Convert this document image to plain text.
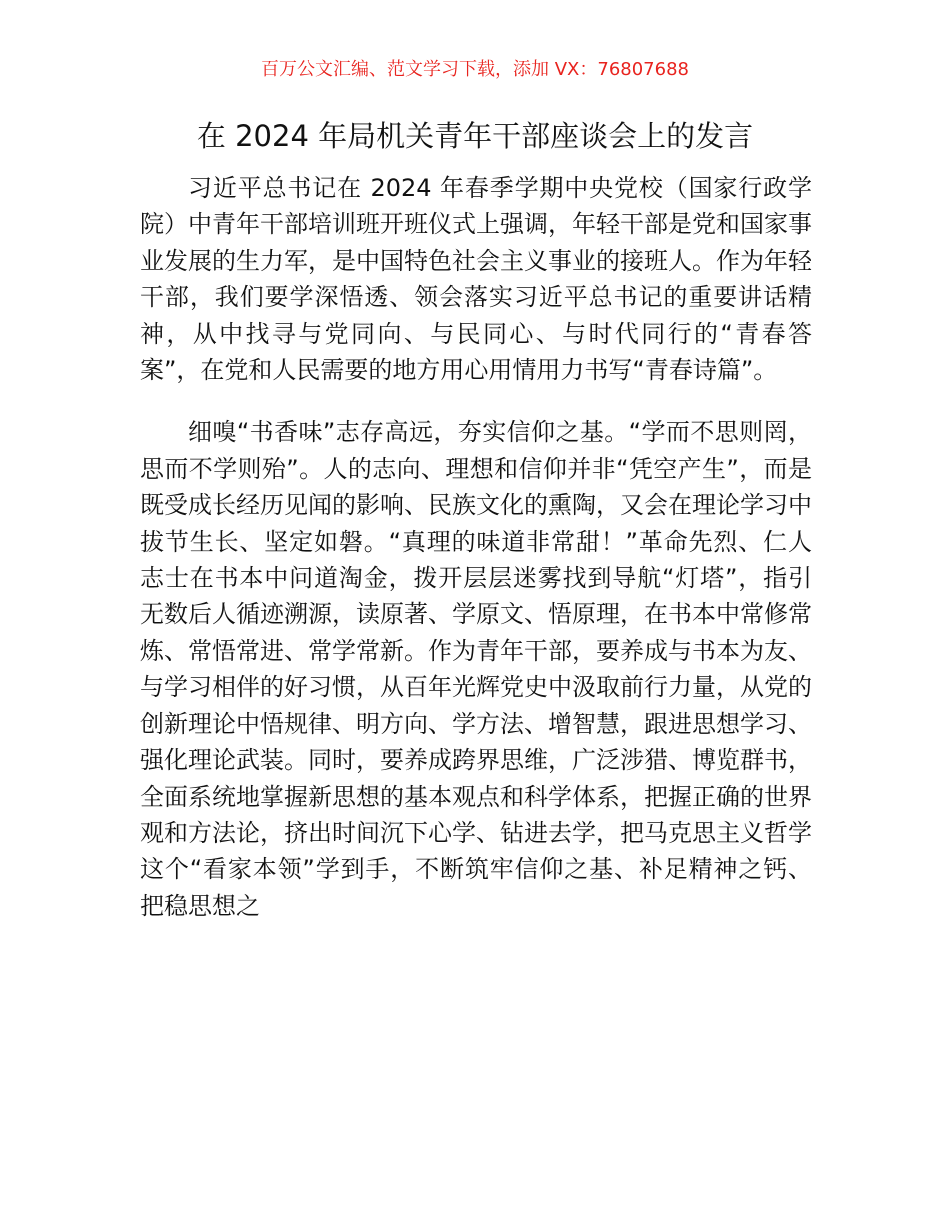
百万公文汇编、范文学习下载，添加 VX：76807688
在 2024 年局机关青年干部座谈会上的发言

习近平总书记在 2024 年春季学期中央党校（国家行政学院）中青年干部培训班开班仪式上强调，年轻干部是党和国家事业发展的生力军，是中国特色社会主义事业的接班人。作为年轻干部，我们要学深悟透、领会落实习近平总书记的重要讲话精神，从中找寻与党同向、与民同心、与时代同行的“青春答案”，在党和人民需要的地方用心用情用力书写“青春诗篇”。

细嗅“书香味”志存高远，夯实信仰之基。“学而不思则罔，思而不学则殆”。人的志向、理想和信仰并非“凭空产生”，而是既受成长经历见闻的影响、民族文化的熏陶，又会在理论学习中拔节生长、坚定如磐。“真理的味道非常甜！”革命先烈、仁人志士在书本中问道淘金，拨开层层迷雾找到导航“灯塔”，指引无数后人循迹溯源，读原著、学原文、悟原理，在书本中常修常炼、常悟常进、常学常新。作为青年干部，要养成与书本为友、与学习相伴的好习惯，从百年光辉党史中汲取前行力量，从党的创新理论中悟规律、明方向、学方法、增智慧，跟进思想学习、强化理论武装。同时，要养成跨界思维，广泛涉猎、博览群书，全面系统地掌握新思想的基本观点和科学体系，把握正确的世界观和方法论，挤出时间沉下心学、钻进去学，把马克思主义哲学这个“看家本领”学到手，不断筑牢信仰之基、补足精神之钙、把稳思想之
